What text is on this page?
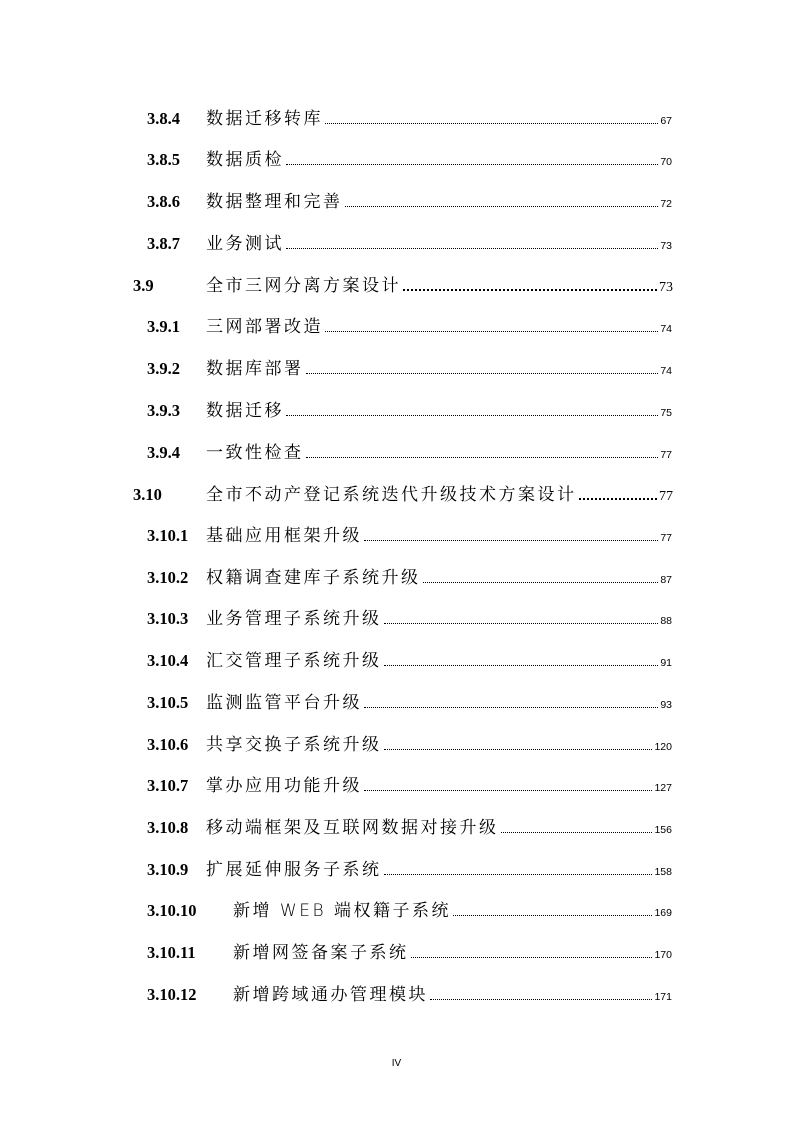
3.8.4	数据迁移转库	67
3.8.5	数据质检	70
3.8.6	数据整理和完善	72
3.8.7	业务测试	73
3.9	全市三网分离方案设计	73
3.9.1	三网部署改造	74
3.9.2	数据库部署	74
3.9.3	数据迁移	75
3.9.4	一致性检查	77
3.10	全市不动产登记系统迭代升级技术方案设计	77
3.10.1	基础应用框架升级	77
3.10.2	权籍调查建库子系统升级	87
3.10.3	业务管理子系统升级	88
3.10.4	汇交管理子系统升级	91
3.10.5	监测监管平台升级	93
3.10.6	共享交换子系统升级	120
3.10.7	掌办应用功能升级	127
3.10.8	移动端框架及互联网数据对接升级	156
3.10.9	扩展延伸服务子系统	158
3.10.10	新增 WEB 端权籍子系统	169
3.10.11	新增网签备案子系统	170
3.10.12	新增跨域通办管理模块	171
IV
